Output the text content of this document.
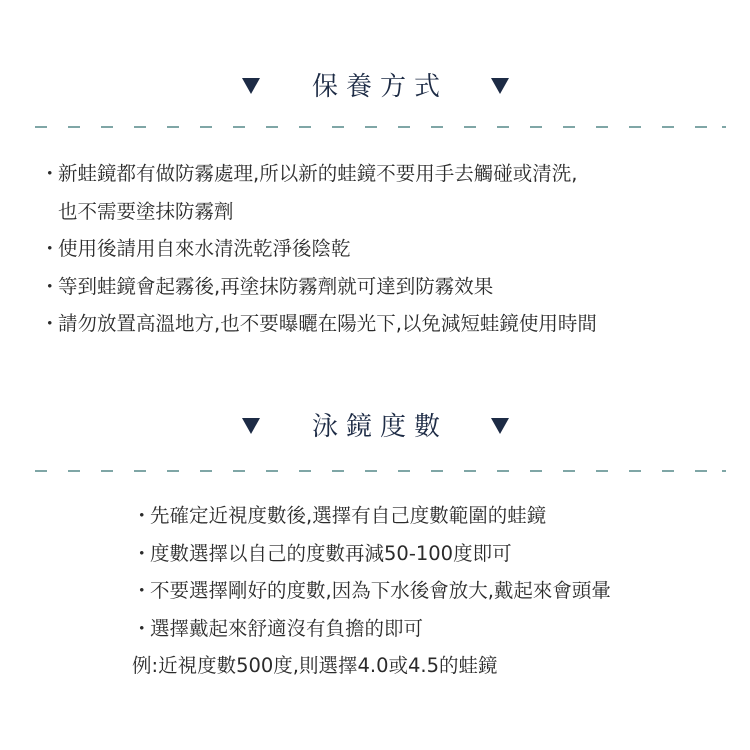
保養方式
・
新蛙鏡都有做防霧處理,所以新的蛙鏡不要用手去觸碰或清洗,
也不需要塗抹防霧劑
・
使用後請用自來水清洗乾淨後陰乾
・
等到蛙鏡會起霧後,再塗抹防霧劑就可達到防霧效果
・
請勿放置高溫地方,也不要曝曬在陽光下,以免減短蛙鏡使用時間
泳鏡度數
・
先確定近視度數後,選擇有自己度數範圍的蛙鏡
・
度數選擇以自己的度數再減50-100度即可
・
不要選擇剛好的度數,因為下水後會放大,戴起來會頭暈
・
選擇戴起來舒適沒有負擔的即可
例:近視度數500度,則選擇4.0或4.5的蛙鏡
